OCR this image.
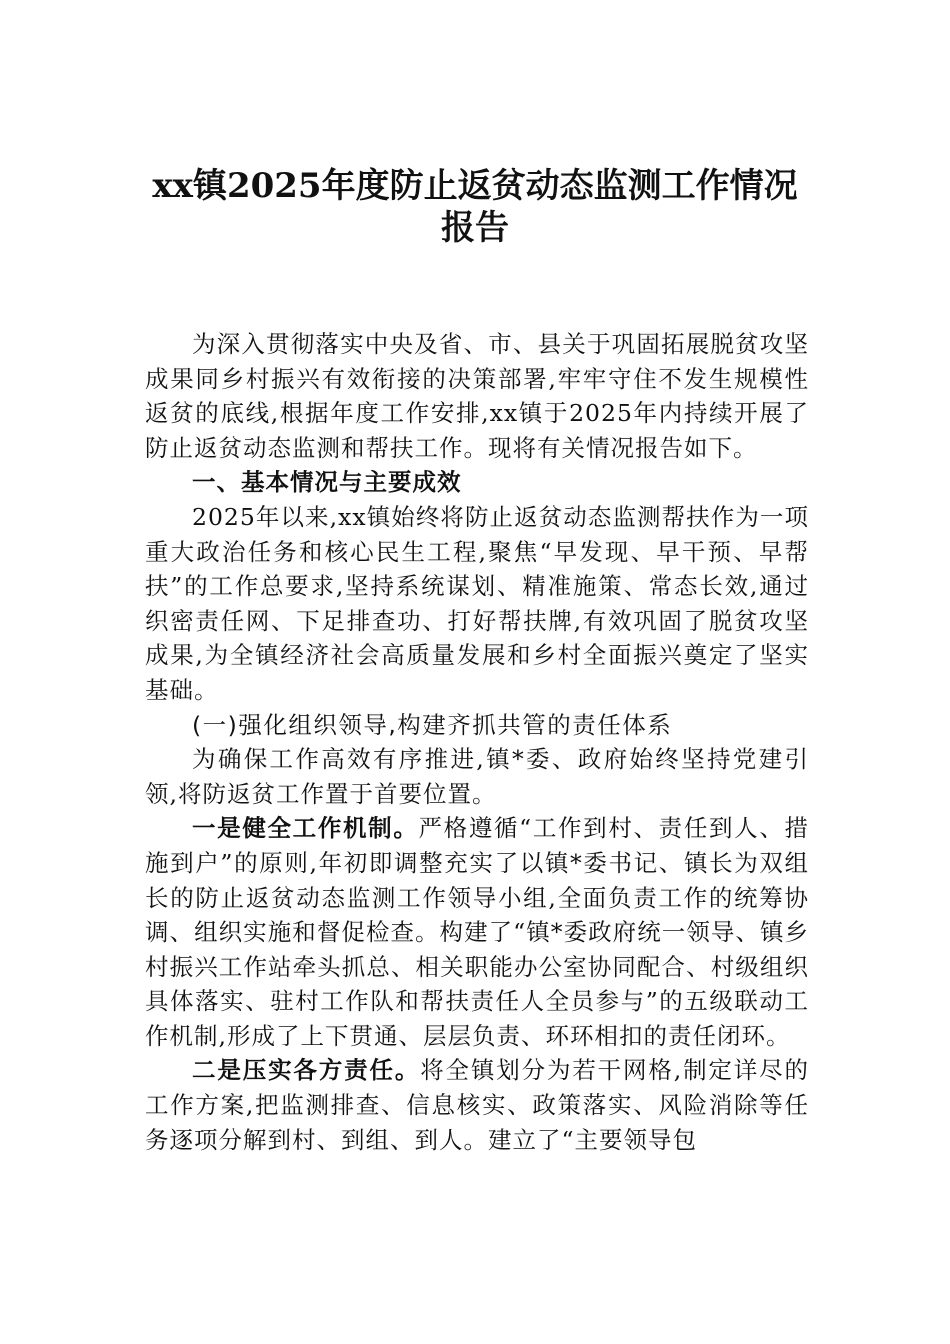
xx镇2025年度防止返贫动态监测工作情况
报告

为深入贯彻落实中央及省、市、县关于巩固拓展脱贫攻坚成果同乡村振兴有效衔接的决策部署,牢牢守住不发生规模性返贫的底线,根据年度工作安排,xx镇于2025年内持续开展了防止返贫动态监测和帮扶工作。现将有关情况报告如下。

一、基本情况与主要成效

2025年以来,xx镇始终将防止返贫动态监测帮扶作为一项重大政治任务和核心民生工程,聚焦“早发现、早干预、早帮扶”的工作总要求,坚持系统谋划、精准施策、常态长效,通过织密责任网、下足排查功、打好帮扶牌,有效巩固了脱贫攻坚成果,为全镇经济社会高质量发展和乡村全面振兴奠定了坚实基础。

(一)强化组织领导,构建齐抓共管的责任体系

为确保工作高效有序推进,镇*委、政府始终坚持党建引领,将防返贫工作置于首要位置。

一是健全工作机制。严格遵循“工作到村、责任到人、措施到户”的原则,年初即调整充实了以镇*委书记、镇长为双组长的防止返贫动态监测工作领导小组,全面负责工作的统筹协调、组织实施和督促检查。构建了“镇*委政府统一领导、镇乡村振兴工作站牵头抓总、相关职能办公室协同配合、村级组织具体落实、驻村工作队和帮扶责任人全员参与”的五级联动工作机制,形成了上下贯通、层层负责、环环相扣的责任闭环。

二是压实各方责任。将全镇划分为若干网格,制定详尽的工作方案,把监测排查、信息核实、政策落实、风险消除等任务逐项分解到村、到组、到人。建立了“主要领导包
